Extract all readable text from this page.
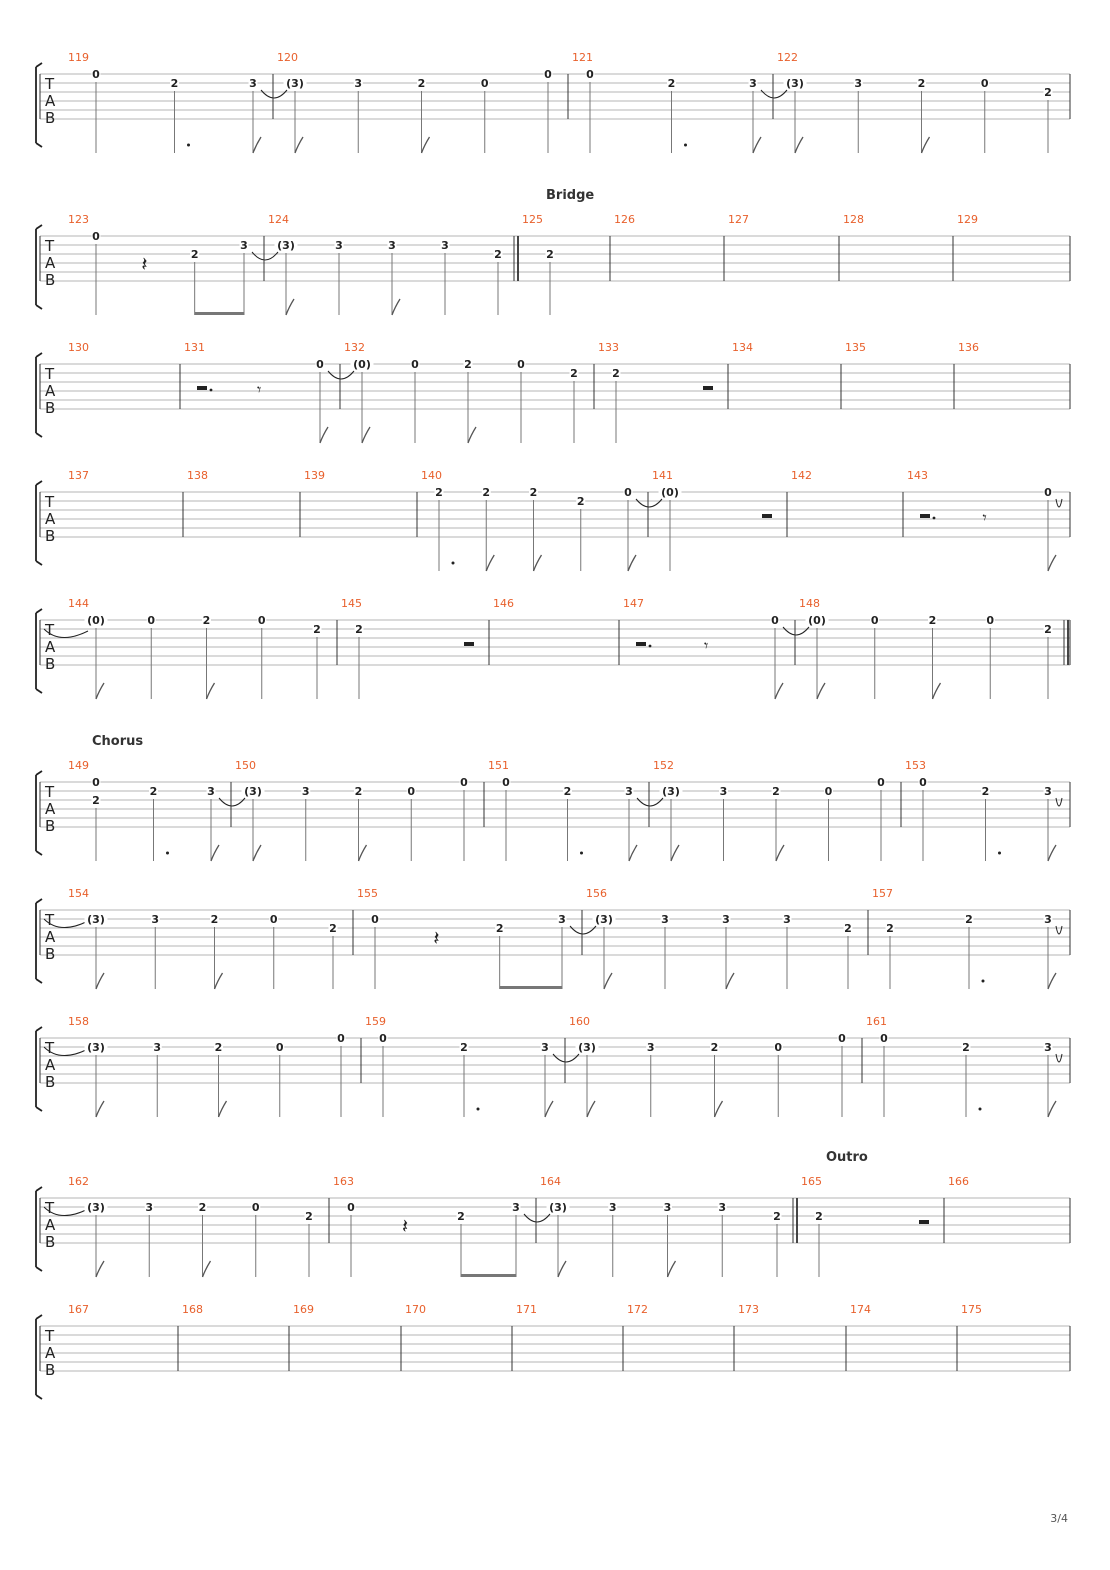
T
A
B
119
0
2	3
120
(3)	3	2	0
0
121
0
2	3
122
(3)	3	2	0
2
Bridge
T
A
B
123
0
𝄽	2
3
124
(3)	3	3	3
2
125
2
126	127	128	129
T
A
B
130	131
𝄾
0
132
(0)	0	2	0
2
133
2
134	135	136
T
A
B
137	138	139	140
2	2	2
2
0
141
(0)
142	143
𝄾
0
T
A
B
144
(0)	0	2	0
2
145
2
146	147
𝄾
0
148
(0)	0	2	0
2
Chorus
T
A
B
149
0
2
2	3
150
(3)	3	2	0
0
151
0
2	3
152
(3)	3	2	0
0
153
0
2	3
T
A
B
154
(3)	3	2	0
2
155
0
𝄽	2
3
156
(3)	3	3	3
2
157
2
2	3
T
A
B
158
(3)	3	2	0
0
159
0
2	3
160
(3)	3	2	0
0
161
0
2	3
Outro
T
A
B
162
(3)	3	2	0
2
163
0
𝄽	2
3
164
(3)	3	3	3
2
165
2
166
T
A
B
167	168	169	170	171	172	173	174	175
3/4
